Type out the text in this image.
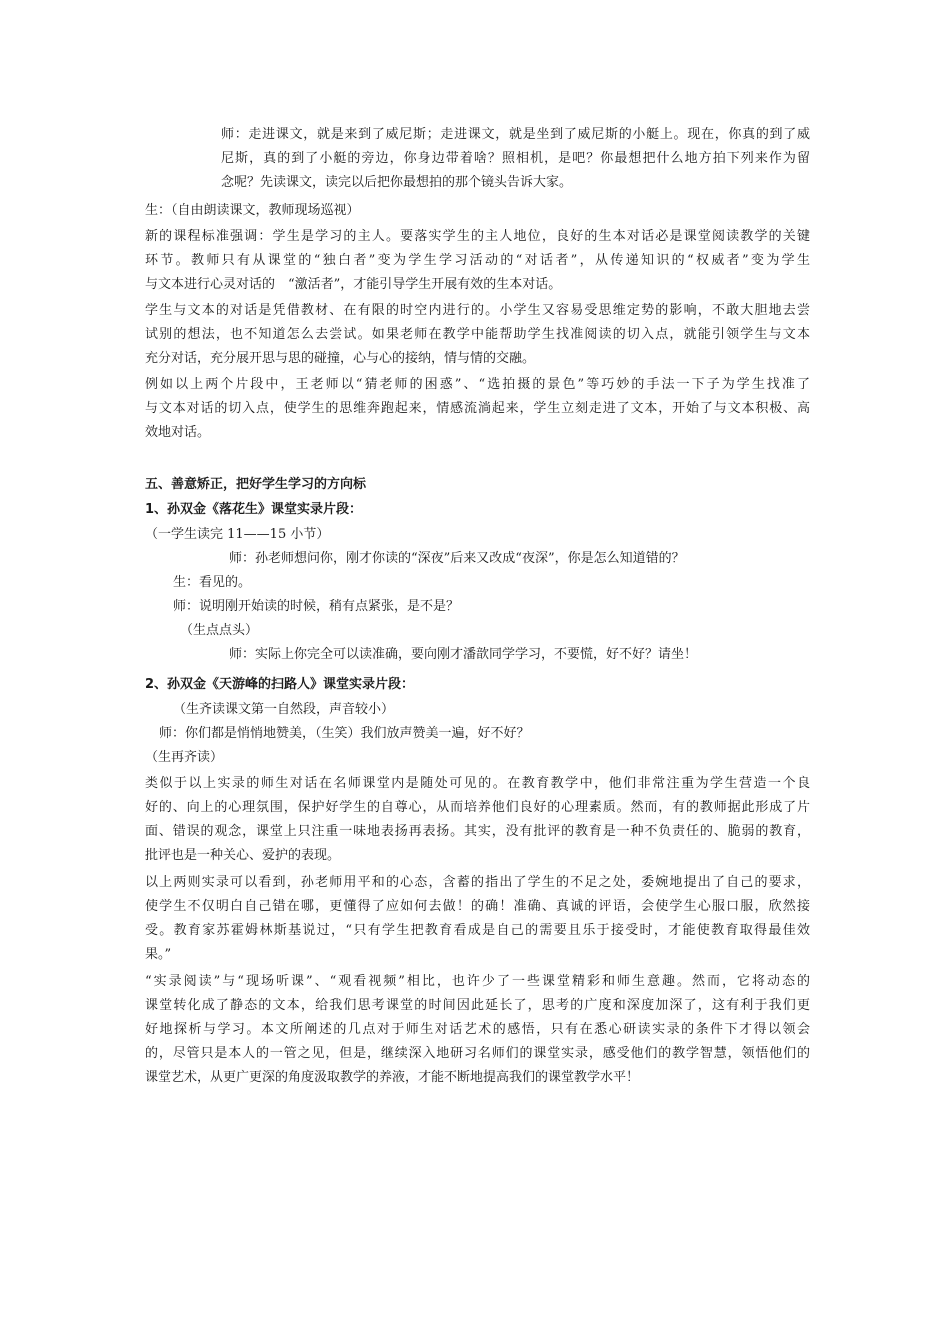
师：走进课文，就是来到了威尼斯；走进课文，就是坐到了威尼斯的小艇上。现在，你真的到了威
尼斯，真的到了小艇的旁边，你身边带着啥？照相机，是吧？你最想把什么地方拍下列来作为留
念呢？先读课文，读完以后把你最想拍的那个镜头告诉大家。
生：（自由朗读课文，教师现场巡视）
新的课程标准强调：学生是学习的主人。要落实学生的主人地位，良好的生本对话必是课堂阅读教学的关键
环节。教师只有从课堂的“独白者”变为学生学习活动的“对话者”，从传递知识的“权威者”变为学生
与文本进行心灵对话的　“激活者”，才能引导学生开展有效的生本对话。
学生与文本的对话是凭借教材、在有限的时空内进行的。小学生又容易受思维定势的影响，不敢大胆地去尝
试别的想法，也不知道怎么去尝试。如果老师在教学中能帮助学生找准阅读的切入点，就能引领学生与文本
充分对话，充分展开思与思的碰撞，心与心的接纳，情与情的交融。
例如以上两个片段中，王老师以“猜老师的困惑”、“选拍摄的景色”等巧妙的手法一下子为学生找准了
与文本对话的切入点，使学生的思维奔跑起来，情感流淌起来，学生立刻走进了文本，开始了与文本积极、高
效地对话。
五、善意矫正，把好学生学习的方向标
1、孙双金《落花生》课堂实录片段：
（一学生读完 11——15 小节）
师：孙老师想问你，刚才你读的“深夜”后来又改成“夜深”，你是怎么知道错的？
生：看见的。
师：说明刚开始读的时候，稍有点紧张，是不是？
（生点点头）
师：实际上你完全可以读准确，要向刚才潘歆同学学习，不要慌，好不好？请坐！
2、孙双金《天游峰的扫路人》课堂实录片段：
（生齐读课文第一自然段，声音较小）
师：你们都是悄悄地赞美，（生笑）我们放声赞美一遍，好不好？
（生再齐读）
类似于以上实录的师生对话在名师课堂内是随处可见的。在教育教学中，他们非常注重为学生营造一个良
好的、向上的心理氛围，保护好学生的自尊心，从而培养他们良好的心理素质。然而，有的教师据此形成了片
面、错误的观念，课堂上只注重一味地表扬再表扬。其实，没有批评的教育是一种不负责任的、脆弱的教育，
批评也是一种关心、爱护的表现。
以上两则实录可以看到，孙老师用平和的心态，含蓄的指出了学生的不足之处，委婉地提出了自己的要求，
使学生不仅明白自己错在哪，更懂得了应如何去做！的确！准确、真诚的评语，会使学生心服口服，欣然接
受。教育家苏霍姆林斯基说过，“只有学生把教育看成是自己的需要且乐于接受时，才能使教育取得最佳效
果。”
“实录阅读”与“现场听课”、“观看视频”相比，也许少了一些课堂精彩和师生意趣。然而，它将动态的
课堂转化成了静态的文本，给我们思考课堂的时间因此延长了，思考的广度和深度加深了，这有利于我们更
好地探析与学习。本文所阐述的几点对于师生对话艺术的感悟，只有在悉心研读实录的条件下才得以领会
的，尽管只是本人的一管之见，但是，继续深入地研习名师们的课堂实录，感受他们的教学智慧，领悟他们的
课堂艺术，从更广更深的角度汲取教学的养液，才能不断地提高我们的课堂教学水平！
